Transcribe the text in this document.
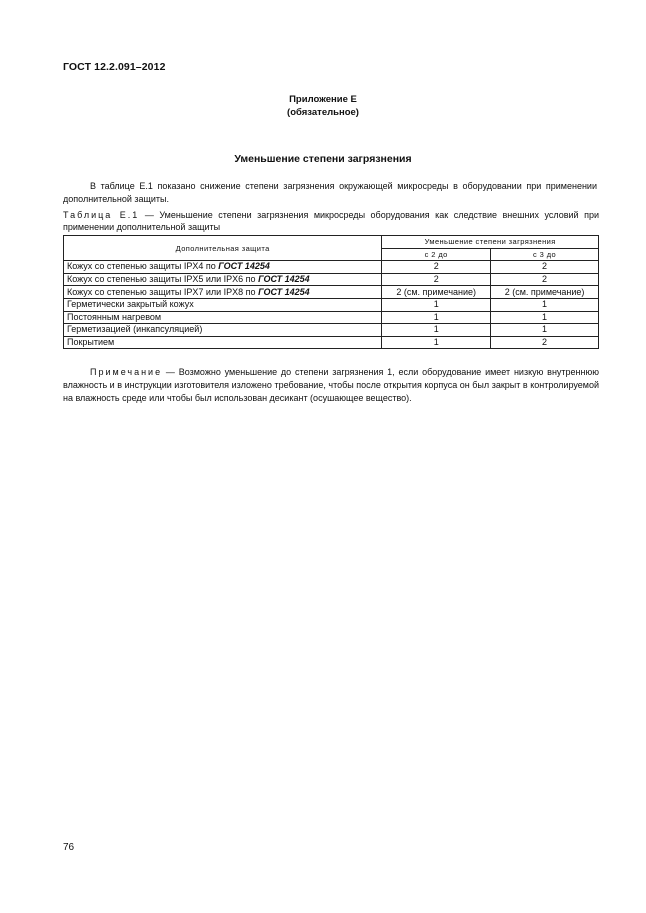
ГОСТ 12.2.091–2012
Приложение Е
(обязательное)
Уменьшение степени загрязнения
В таблице Е.1 показано снижение степени загрязнения окружающей микросреды в оборудовании при применении дополнительной защиты.
Таблица Е.1 — Уменьшение степени загрязнения микросреды оборудования как следствие внешних условий при применении дополнительной защиты
Дополнительная защита	Уменьшение степени загрязнения	
	с 2 до	с 3 до
Кожух со степенью защиты IPX4 по ГОСТ 14254	2	2
Кожух со степенью защиты IPX5 или IPX6 по ГОСТ 14254	2	2
Кожух со степенью защиты IPX7 или IPX8 по ГОСТ 14254	2 (см. примечание)	2 (см. примечание)
Герметически закрытый кожух	1	1
Постоянным нагревом	1	1
Герметизацией (инкапсуляцией)	1	1
Покрытием	1	2
Примечание — Возможно уменьшение до степени загрязнения 1, если оборудование имеет низкую внутреннюю влажность и в инструкции изготовителя изложено требование, чтобы после открытия корпуса он был закрыт в контролируемой на влажность среде или чтобы был использован десикант (осушающее вещество).
76
